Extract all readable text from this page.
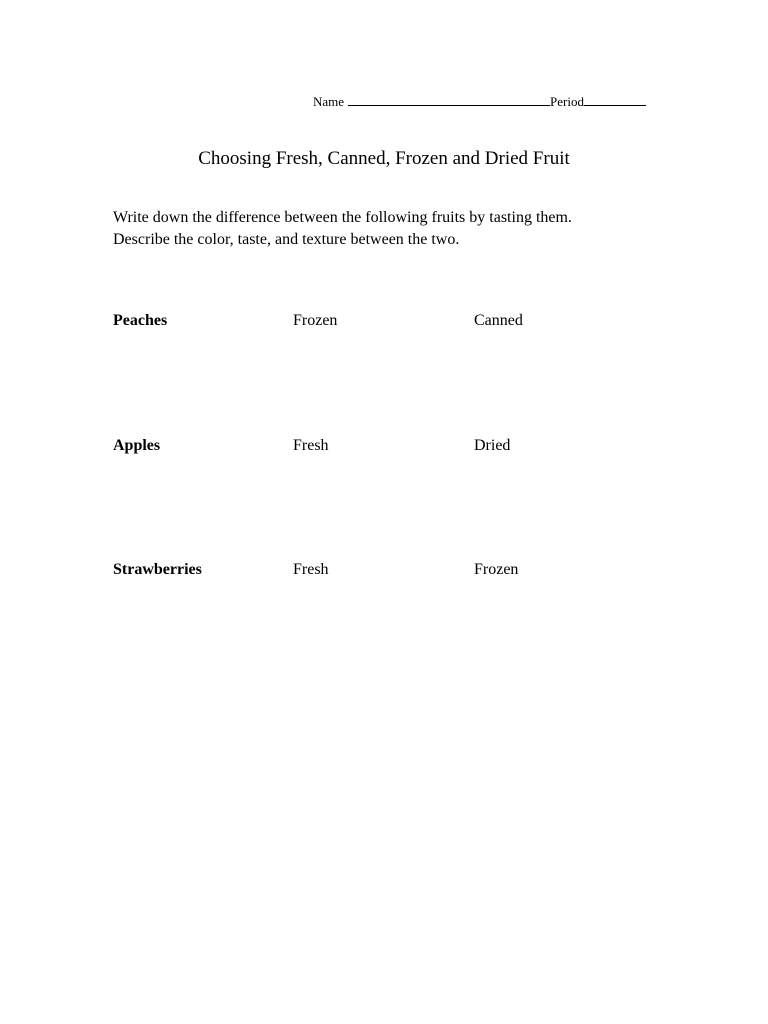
Name	Period
Choosing Fresh, Canned, Frozen and Dried Fruit
Write down the difference between the following fruits by tasting them.
Describe the color, taste, and texture between the two.
Peaches	Frozen	Canned
Apples	Fresh	Dried
Strawberries	Fresh	Frozen
